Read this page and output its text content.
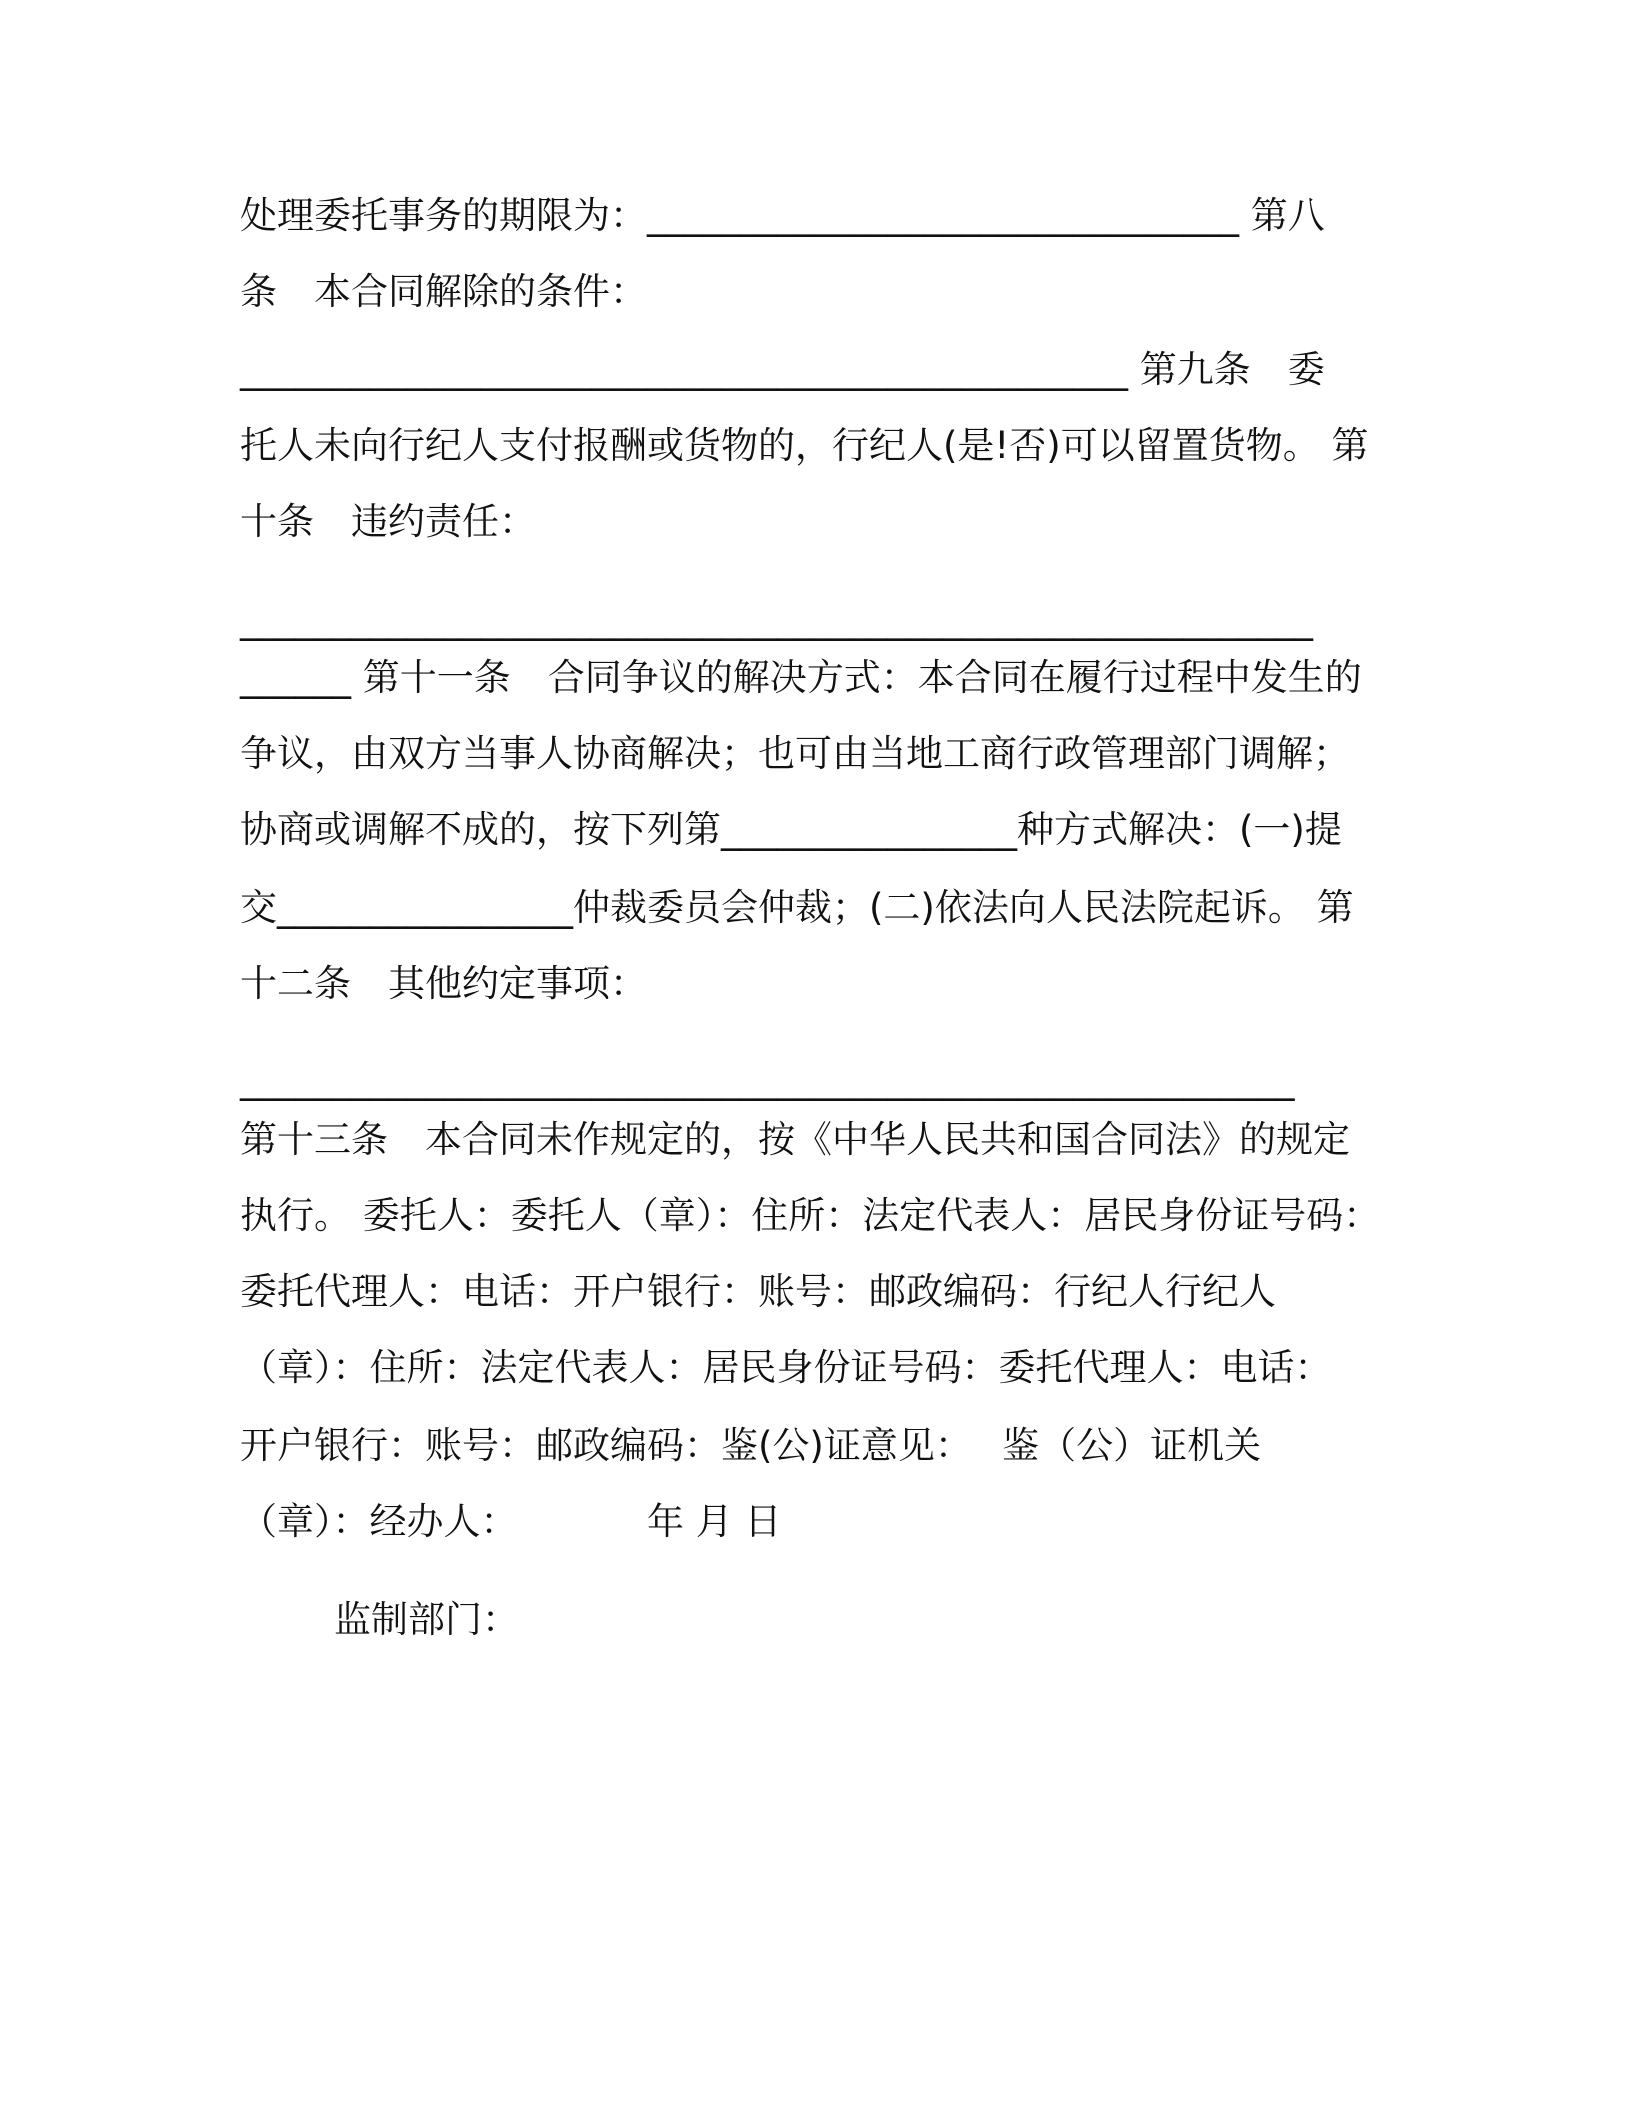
处理委托事务的期限为：________________________________ 第八
条　本合同解除的条件：
________________________________________________ 第九条　委
托人未向行纪人支付报酬或货物的，行纪人(是!否)可以留置货物。 第
十条　违约责任：
__________________________________________________________
______ 第十一条　合同争议的解决方式：本合同在履行过程中发生的
争议，由双方当事人协商解决；也可由当地工商行政管理部门调解；
协商或调解不成的，按下列第________________种方式解决：(一)提
交________________仲裁委员会仲裁；(二)依法向人民法院起诉。 第
十二条　其他约定事项：
_________________________________________________________
第十三条　本合同未作规定的，按《中华人民共和国合同法》的规定
执行。 委托人：委托人（章）：住所：法定代表人：居民身份证号码：
委托代理人：电话：开户银行：账号：邮政编码：行纪人行纪人
（章）：住所：法定代表人：居民身份证号码：委托代理人：电话：
开户银行：账号：邮政编码：鉴(公)证意见：　 鉴（公）证机关
（章）：经办人：　　　　年 月 日
监制部门：
